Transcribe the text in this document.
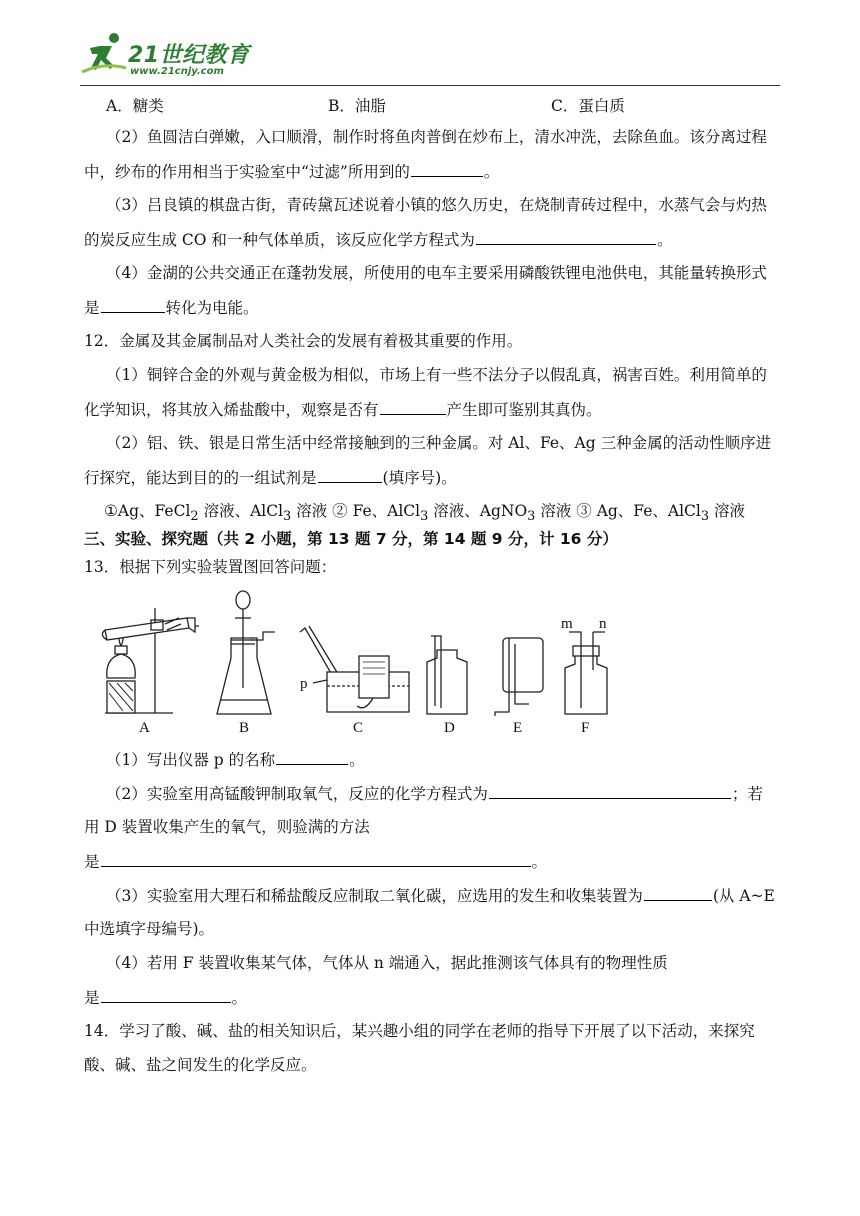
21世纪教育
www.21cnjy.com
A．糖类	B．油脂	C．蛋白质
（2）鱼圆洁白弹嫩，入口顺滑，制作时将鱼肉普倒在炒布上，清水冲洗，去除鱼血。该分离过程
中，纱布的作用相当于实验室中“过滤”所用到的	。
（3）吕良镇的棋盘古街，青砖黛瓦述说着小镇的悠久历史，在烧制青砖过程中，水蒸气会与灼热
的炭反应生成 CO 和一种气体单质，该反应化学方程式为	。
（4）金湖的公共交通正在蓬勃发展，所使用的电车主要采用磷酸铁锂电池供电，其能量转换形式
是	转化为电能。
12．金属及其金属制品对人类社会的发展有着极其重要的作用。
（1）铜锌合金的外观与黄金极为相似，市场上有一些不法分子以假乱真，祸害百姓。利用简单的
化学知识，将其放入烯盐酸中，观察是否有	产生即可鉴别其真伪。
（2）铝、铁、银是日常生活中经常接触到的三种金属。对 Al、Fe、Ag 三种金属的活动性顺序进
行探究，能达到目的的一组试剂是	(填序号)。
①Ag、FeCl$_2$ 溶液、AlCl$_3$ 溶液 ② Fe、AlCl$_3$ 溶液、AgNO$_3$ 溶液 ③ Ag、Fe、AlCl$_3$ 溶液
三、实验、探究题（共 2 小题，第 13 题 7 分，第 14 题 9 分，计 16 分）
13．根据下列实验装置图回答问题：
A	B	C	D	E	F
p
m n
（1）写出仪器 p 的名称	。
（2）实验室用高锰酸钾制取氧气，反应的化学方程式为	；若
用 D 装置收集产生的氧气，则验满的方法
是	。
（3）实验室用大理石和稀盐酸反应制取二氧化碳，应选用的发生和收集装置为	(从 A~E
中选填字母编号)。
（4）若用 F 装置收集某气体，气体从 n 端通入，据此推测该气体具有的物理性质
是	。
14．学习了酸、碱、盐的相关知识后，某兴趣小组的同学在老师的指导下开展了以下活动，来探究
酸、碱、盐之间发生的化学反应。
